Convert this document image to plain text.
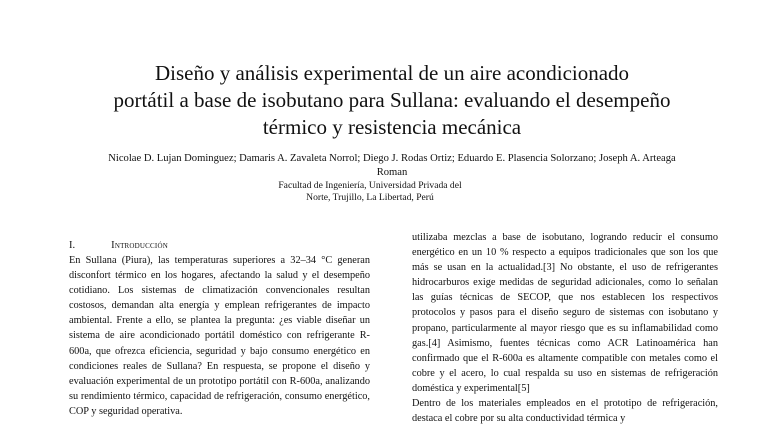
Diseño y análisis experimental de un aire acondicionado
portátil a base de isobutano para Sullana: evaluando el desempeño
térmico y resistencia mecánica
Nicolae D. Lujan Dominguez; Damaris A. Zavaleta Norrol; Diego J. Rodas Ortiz; Eduardo E. Plasencia Solorzano; Joseph A. Arteaga Roman
Facultad de Ingeniería, Universidad Privada del
Norte, Trujillo, La Libertad, Perú
I.	Introducción

En Sullana (Piura), las temperaturas superiores a 32–34 °C generan disconfort térmico en los hogares, afectando la salud y el desempeño cotidiano. Los sistemas de climatización convencionales resultan costosos, demandan alta energía y emplean refrigerantes de impacto ambiental. Frente a ello, se plantea la pregunta: ¿es viable diseñar un sistema de aire acondicionado portátil doméstico con refrigerante R-600a, que ofrezca eficiencia, seguridad y bajo consumo energético en condiciones reales de Sullana? En respuesta, se propone el diseño y evaluación experimental de un prototipo portátil con R-600a, analizando su rendimiento térmico, capacidad de refrigeración, consumo energético, COP y seguridad operativa.

utilizaba mezclas a base de isobutano, logrando reducir el consumo energético en un 10 % respecto a equipos tradicionales que son los que más se usan en la actualidad.[3] No obstante, el uso de refrigerantes hidrocarburos exige medidas de seguridad adicionales, como lo señalan las guías técnicas de SECOP, que nos establecen los respectivos protocolos y pasos para el diseño seguro de sistemas con isobutano y propano, particularmente al mayor riesgo que es su inflamabilidad como gas.[4] Asimismo, fuentes técnicas como ACR Latinoamérica han confirmado que el R-600a es altamente compatible con metales como el cobre y el acero, lo cual respalda su uso en sistemas de refrigeración doméstica y experimental[5]

Dentro de los materiales empleados en el prototipo de refrigeración, destaca el cobre por su alta conductividad térmica y
